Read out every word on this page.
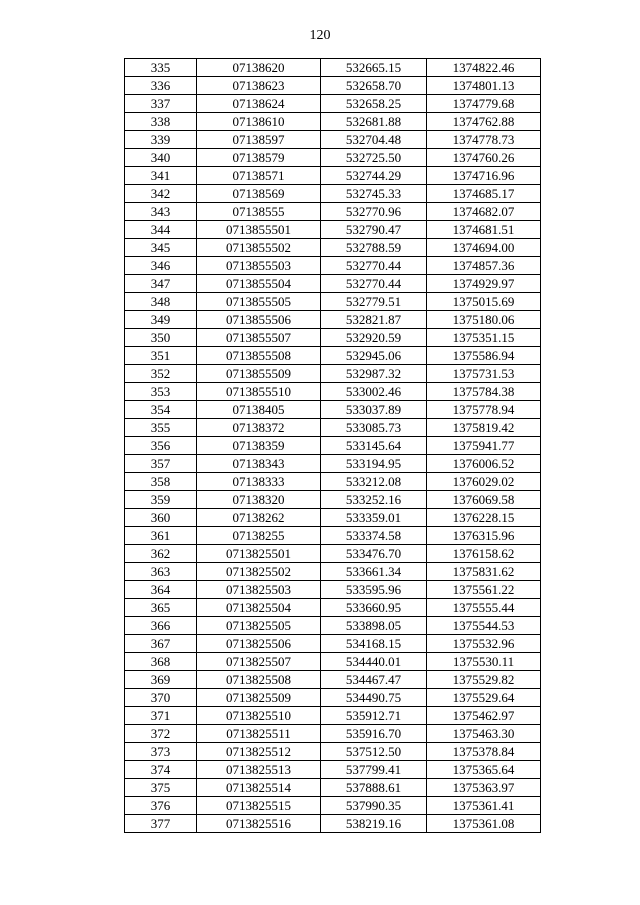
120
335	07138620	532665.15	1374822.46
336	07138623	532658.70	1374801.13
337	07138624	532658.25	1374779.68
338	07138610	532681.88	1374762.88
339	07138597	532704.48	1374778.73
340	07138579	532725.50	1374760.26
341	07138571	532744.29	1374716.96
342	07138569	532745.33	1374685.17
343	07138555	532770.96	1374682.07
344	0713855501	532790.47	1374681.51
345	0713855502	532788.59	1374694.00
346	0713855503	532770.44	1374857.36
347	0713855504	532770.44	1374929.97
348	0713855505	532779.51	1375015.69
349	0713855506	532821.87	1375180.06
350	0713855507	532920.59	1375351.15
351	0713855508	532945.06	1375586.94
352	0713855509	532987.32	1375731.53
353	0713855510	533002.46	1375784.38
354	07138405	533037.89	1375778.94
355	07138372	533085.73	1375819.42
356	07138359	533145.64	1375941.77
357	07138343	533194.95	1376006.52
358	07138333	533212.08	1376029.02
359	07138320	533252.16	1376069.58
360	07138262	533359.01	1376228.15
361	07138255	533374.58	1376315.96
362	0713825501	533476.70	1376158.62
363	0713825502	533661.34	1375831.62
364	0713825503	533595.96	1375561.22
365	0713825504	533660.95	1375555.44
366	0713825505	533898.05	1375544.53
367	0713825506	534168.15	1375532.96
368	0713825507	534440.01	1375530.11
369	0713825508	534467.47	1375529.82
370	0713825509	534490.75	1375529.64
371	0713825510	535912.71	1375462.97
372	0713825511	535916.70	1375463.30
373	0713825512	537512.50	1375378.84
374	0713825513	537799.41	1375365.64
375	0713825514	537888.61	1375363.97
376	0713825515	537990.35	1375361.41
377	0713825516	538219.16	1375361.08
